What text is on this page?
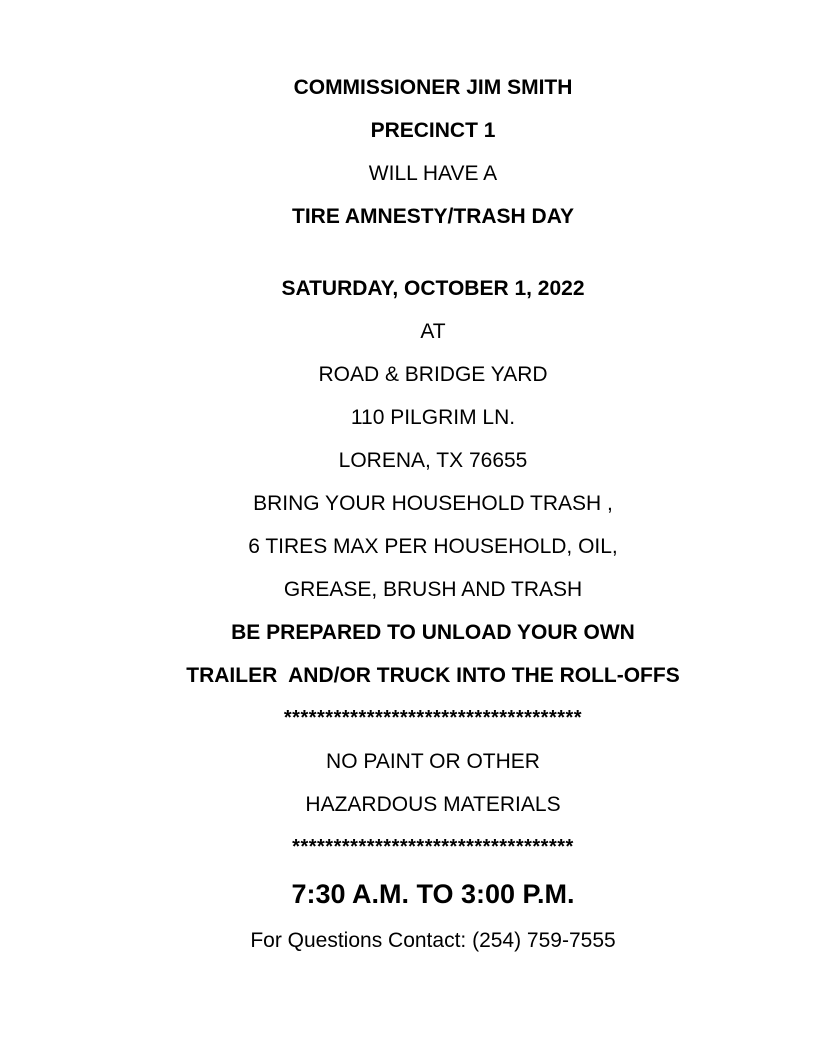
COMMISSIONER JIM SMITH

PRECINCT 1

WILL HAVE A

TIRE AMNESTY/TRASH DAY

SATURDAY, OCTOBER 1, 2022

AT

ROAD & BRIDGE YARD

110 PILGRIM LN.

LORENA, TX 76655

BRING YOUR HOUSEHOLD TRASH ,

6 TIRES MAX PER HOUSEHOLD, OIL,

GREASE, BRUSH AND TRASH

BE PREPARED TO UNLOAD YOUR OWN

TRAILER  AND/OR TRUCK INTO THE ROLL-OFFS

************************************

NO PAINT OR OTHER

HAZARDOUS MATERIALS

**********************************

7:30 A.M. TO 3:00 P.M.

For Questions Contact: (254) 759-7555
